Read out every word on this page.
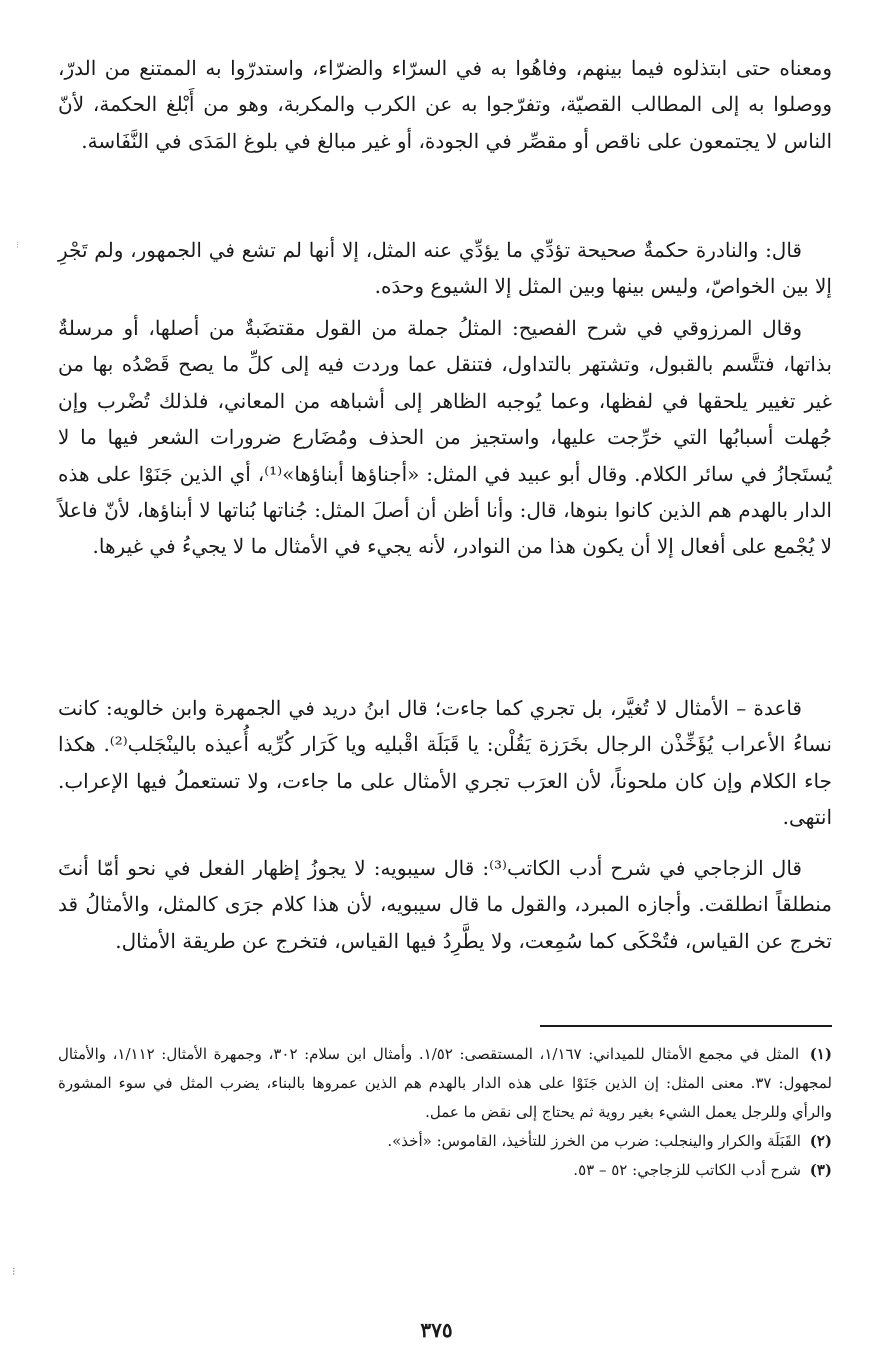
ومعناه حتى ابتذلوه فيما بينهم، وفاهُوا به في السرّاء والضرّاء، واستدرّوا به الممتنع من الدرّ، ووصلوا به إلى المطالب القصيّة، وتفرّجوا به عن الكرب والمكربة، وهو من أَبْلغ الحكمة، لأنّ الناس لا يجتمعون على ناقص أو مقصِّر في الجودة، أو غير مبالغ في بلوغ المَدَى في النَّفَاسة.

قال: والنادرة حكمةٌ صحيحة تؤدِّي ما يؤدِّي عنه المثل، إلا أنها لم تشع في الجمهور، ولم تَجْرِ إلا بين الخواصّ، وليس بينها وبين المثل إلا الشيوع وحدَه.

وقال المرزوقي في شرح الفصيح: المثلُ جملة من القول مقتضَبةٌ من أصلها، أو مرسلةٌ بذاتها، فتتَّسم بالقبول، وتشتهر بالتداول، فتنقل عما وردت فيه إلى كلِّ ما يصح قَصْدُه بها من غير تغيير يلحقها في لفظها، وعما يُوجبه الظاهر إلى أشباهه من المعاني، فلذلك تُضْرب وإن جُهلت أسبابُها التي خرِّجت عليها، واستجيز من الحذف ومُضَارع ضرورات الشعر فيها ما لا يُستَجازُ في سائر الكلام. وقال أبو عبيد في المثل: «أجناؤها أبناؤها»⁽¹⁾، أي الذين جَنَوْا على هذه الدار بالهدم هم الذين كانوا بنوها، قال: وأنا أظن أن أصلَ المثل: جُناتها بُناتها لا أبناؤها، لأنّ فاعلاً لا يُجْمع على أفعال إلا أن يكون هذا من النوادر، لأنه يجيء في الأمثال ما لا يجيءُ في غيرها.

قاعدة – الأمثال لا تُغيَّر، بل تجري كما جاءت؛ قال ابنُ دريد في الجمهرة وابن خالويه: كانت نساءُ الأعراب يُؤَخِّذْن الرجال بخَرَزة يَقُلْن: يا قَبَلَة اقْبليه ويا كَرَار كُرِّيه أُعيذه بالينْجَلب⁽²⁾. هكذا جاء الكلام وإن كان ملحوناً، لأن العرَب تجري الأمثال على ما جاءت، ولا تستعملُ فيها الإعراب. انتهى.

قال الزجاجي في شرح أدب الكاتب⁽³⁾: قال سيبويه: لا يجوزُ إظهار الفعل في نحو أمّا أنتَ منطلقاً انطلقت. وأجازه المبرد، والقول ما قال سيبويه، لأن هذا كلام جرَى كالمثل، والأمثالُ قد تخرج عن القياس، فتُحْكَى كما سُمِعت، ولا يطَّرِدُ فيها القياس، فتخرج عن طريقة الأمثال.

(١) المثل في مجمع الأمثال للميداني: ١/١٦٧، المستقصى: ١/٥٢. وأمثال ابن سلام: ٣٠٢، وجمهرة الأمثال: ١/١١٢، والأمثال لمجهول: ٣٧. معنى المثل: إن الذين جَنَوْا على هذه الدار بالهدم هم الذين عمروها بالبناء، يضرب المثل في سوء المشورة والرأي وللرجل يعمل الشيء بغير روية ثم يحتاج إلى نقض ما عمل.

(٢) القَبَلَة والكرار والينجلب: ضرب من الخرز للتأخيذ، القاموس: «أخذ».

(٣) شرح أدب الكاتب للزجاجي: ٥٢ – ٥٣.

⁝
⁝
٣٧٥
